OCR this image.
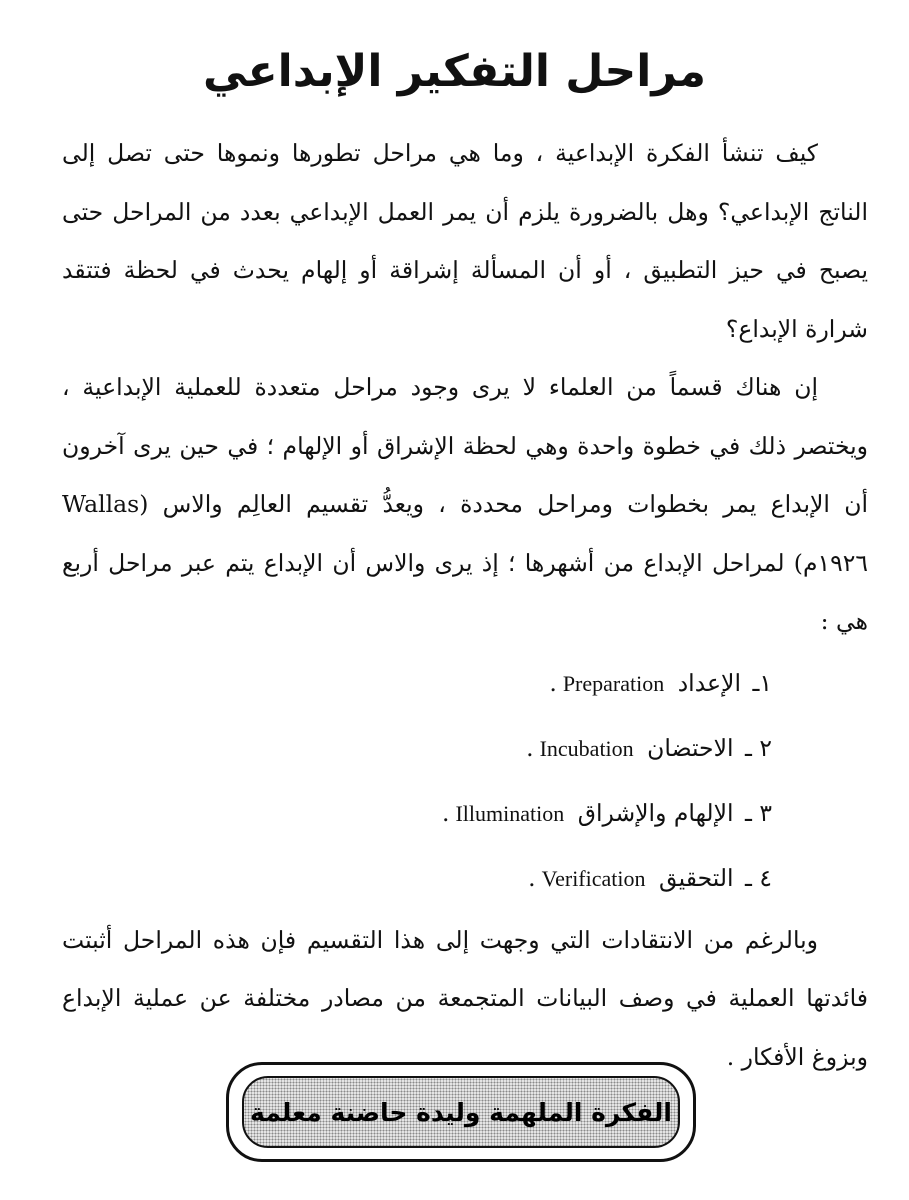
مراحل التفكير الإبداعي

كيف تنشأ الفكرة الإبداعية ، وما هي مراحل تطورها ونموها حتى تصل إلى الناتج الإبداعي؟ وهل بالضرورة يلزم أن يمر العمل الإبداعي بعدد من المراحل حتى يصبح في حيز التطبيق ، أو أن المسألة إشراقة أو إلهام يحدث في لحظة فتتقد شرارة الإبداع؟

إن هناك قسماً من العلماء لا يرى وجود مراحل متعددة للعملية الإبداعية ، ويختصر ذلك في خطوة واحدة وهي لحظة الإشراق أو الإلهام ؛ في حين يرى آخرون أن الإبداع يمر بخطوات ومراحل محددة ، ويعدُّ تقسيم العالِم والاس (Wallas ١٩٢٦م) لمراحل الإبداع من أشهرها ؛ إذ يرى والاس أن الإبداع يتم عبر مراحل أربع هي :

١ـ الإعداد Preparation.
٢ ـ الاحتضان Incubation.
٣ ـ الإلهام والإشراق Illumination.
٤ ـ التحقيق Verification.

وبالرغم من الانتقادات التي وجهت إلى هذا التقسيم فإن هذه المراحل أثبتت فائدتها العملية في وصف البيانات المتجمعة من مصادر مختلفة عن عملية الإبداع وبزوغ الأفكار .

الفكرة الملهمة وليدة حاضنة معلمة
